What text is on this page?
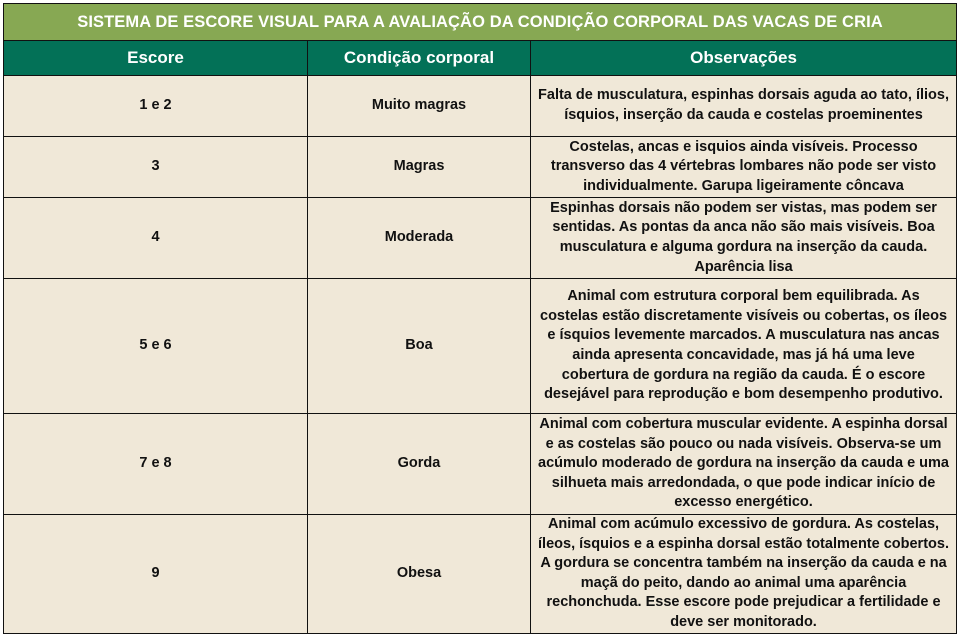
SISTEMA DE ESCORE VISUAL PARA A AVALIAÇÃO DA CONDIÇÃO CORPORAL DAS VACAS DE CRIA		
Escore	Condição corporal	Observações
1 e 2	Muito magras	Falta de musculatura, espinhas dorsais aguda ao tato, ílios, ísquios, inserção da cauda e costelas proeminentes
3	Magras	Costelas, ancas e isquios ainda visíveis. Processo transverso das 4 vértebras lombares não pode ser visto individualmente. Garupa ligeiramente côncava
4	Moderada	Espinhas dorsais não podem ser vistas, mas podem ser sentidas. As pontas da anca não são mais visíveis. Boa musculatura e alguma gordura na inserção da cauda. Aparência lisa
5 e 6	Boa	Animal com estrutura corporal bem equilibrada. As costelas estão discretamente visíveis ou cobertas, os íleos e ísquios levemente marcados. A musculatura nas ancas ainda apresenta concavidade, mas já há uma leve cobertura de gordura na região da cauda. É o escore desejável para reprodução e bom desempenho produtivo.
7 e 8	Gorda	Animal com cobertura muscular evidente. A espinha dorsal e as costelas são pouco ou nada visíveis. Observa-se um acúmulo moderado de gordura na inserção da cauda e uma silhueta mais arredondada, o que pode indicar início de excesso energético.
9	Obesa	Animal com acúmulo excessivo de gordura. As costelas, íleos, ísquios e a espinha dorsal estão totalmente cobertos. A gordura se concentra também na inserção da cauda e na maçã do peito, dando ao animal uma aparência rechonchuda. Esse escore pode prejudicar a fertilidade e deve ser monitorado.
